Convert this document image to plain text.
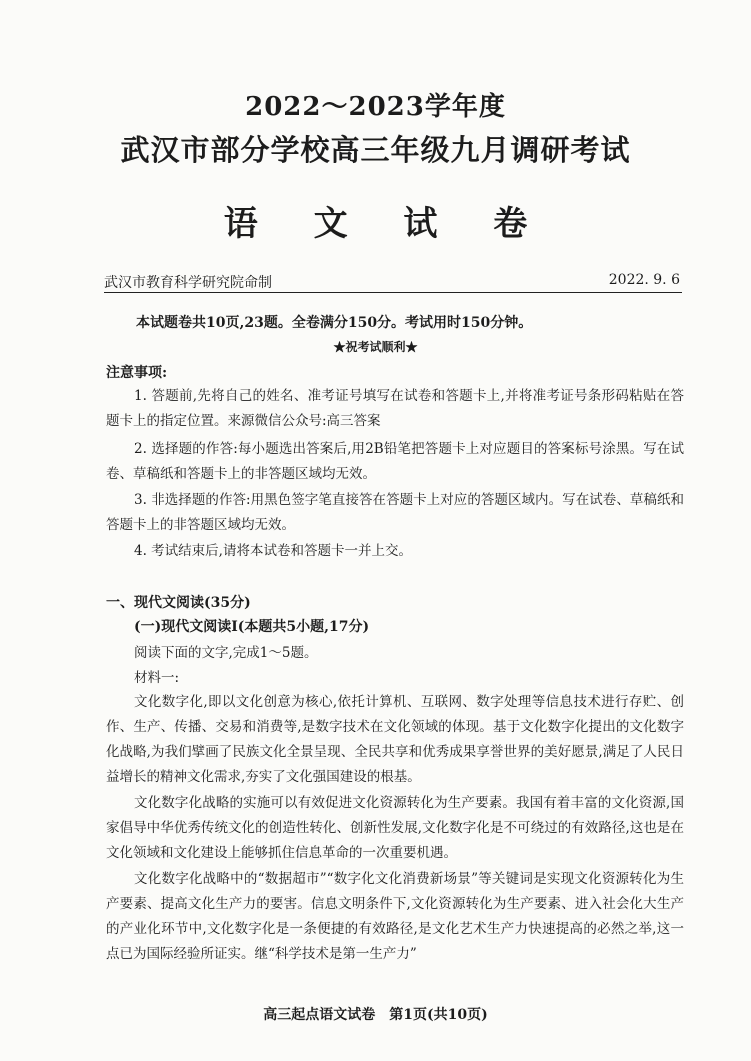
2022～2023学年度
武汉市部分学校高三年级九月调研考试
语 文 试 卷
武汉市教育科学研究院命制	2022. 9. 6
本试题卷共10页,23题。全卷满分150分。考试用时150分钟。
★祝考试顺利★
注意事项:

1. 答题前,先将自己的姓名、准考证号填写在试卷和答题卡上,并将准考证号条形码粘贴在答题卡上的指定位置。来源微信公众号:高三答案

2. 选择题的作答:每小题选出答案后,用2B铅笔把答题卡上对应题目的答案标号涂黑。写在试卷、草稿纸和答题卡上的非答题区域均无效。

3. 非选择题的作答:用黑色签字笔直接答在答题卡上对应的答题区域内。写在试卷、草稿纸和答题卡上的非答题区域均无效。

4. 考试结束后,请将本试卷和答题卡一并上交。

一、现代文阅读(35分)
(一)现代文阅读Ⅰ(本题共5小题,17分)
阅读下面的文字,完成1～5题。
材料一:

文化数字化,即以文化创意为核心,依托计算机、互联网、数字处理等信息技术进行存贮、创作、生产、传播、交易和消费等,是数字技术在文化领域的体现。基于文化数字化提出的文化数字化战略,为我们擘画了民族文化全景呈现、全民共享和优秀成果享誉世界的美好愿景,满足了人民日益增长的精神文化需求,夯实了文化强国建设的根基。

文化数字化战略的实施可以有效促进文化资源转化为生产要素。我国有着丰富的文化资源,国家倡导中华优秀传统文化的创造性转化、创新性发展,文化数字化是不可绕过的有效路径,这也是在文化领域和文化建设上能够抓住信息革命的一次重要机遇。

文化数字化战略中的“数据超市”“数字化文化消费新场景”等关键词是实现文化资源转化为生产要素、提高文化生产力的要害。信息文明条件下,文化资源转化为生产要素、进入社会化大生产的产业化环节中,文化数字化是一条便捷的有效路径,是文化艺术生产力快速提高的必然之举,这一点已为国际经验所证实。继“科学技术是第一生产力”

高三起点语文试卷　第1页(共10页)
